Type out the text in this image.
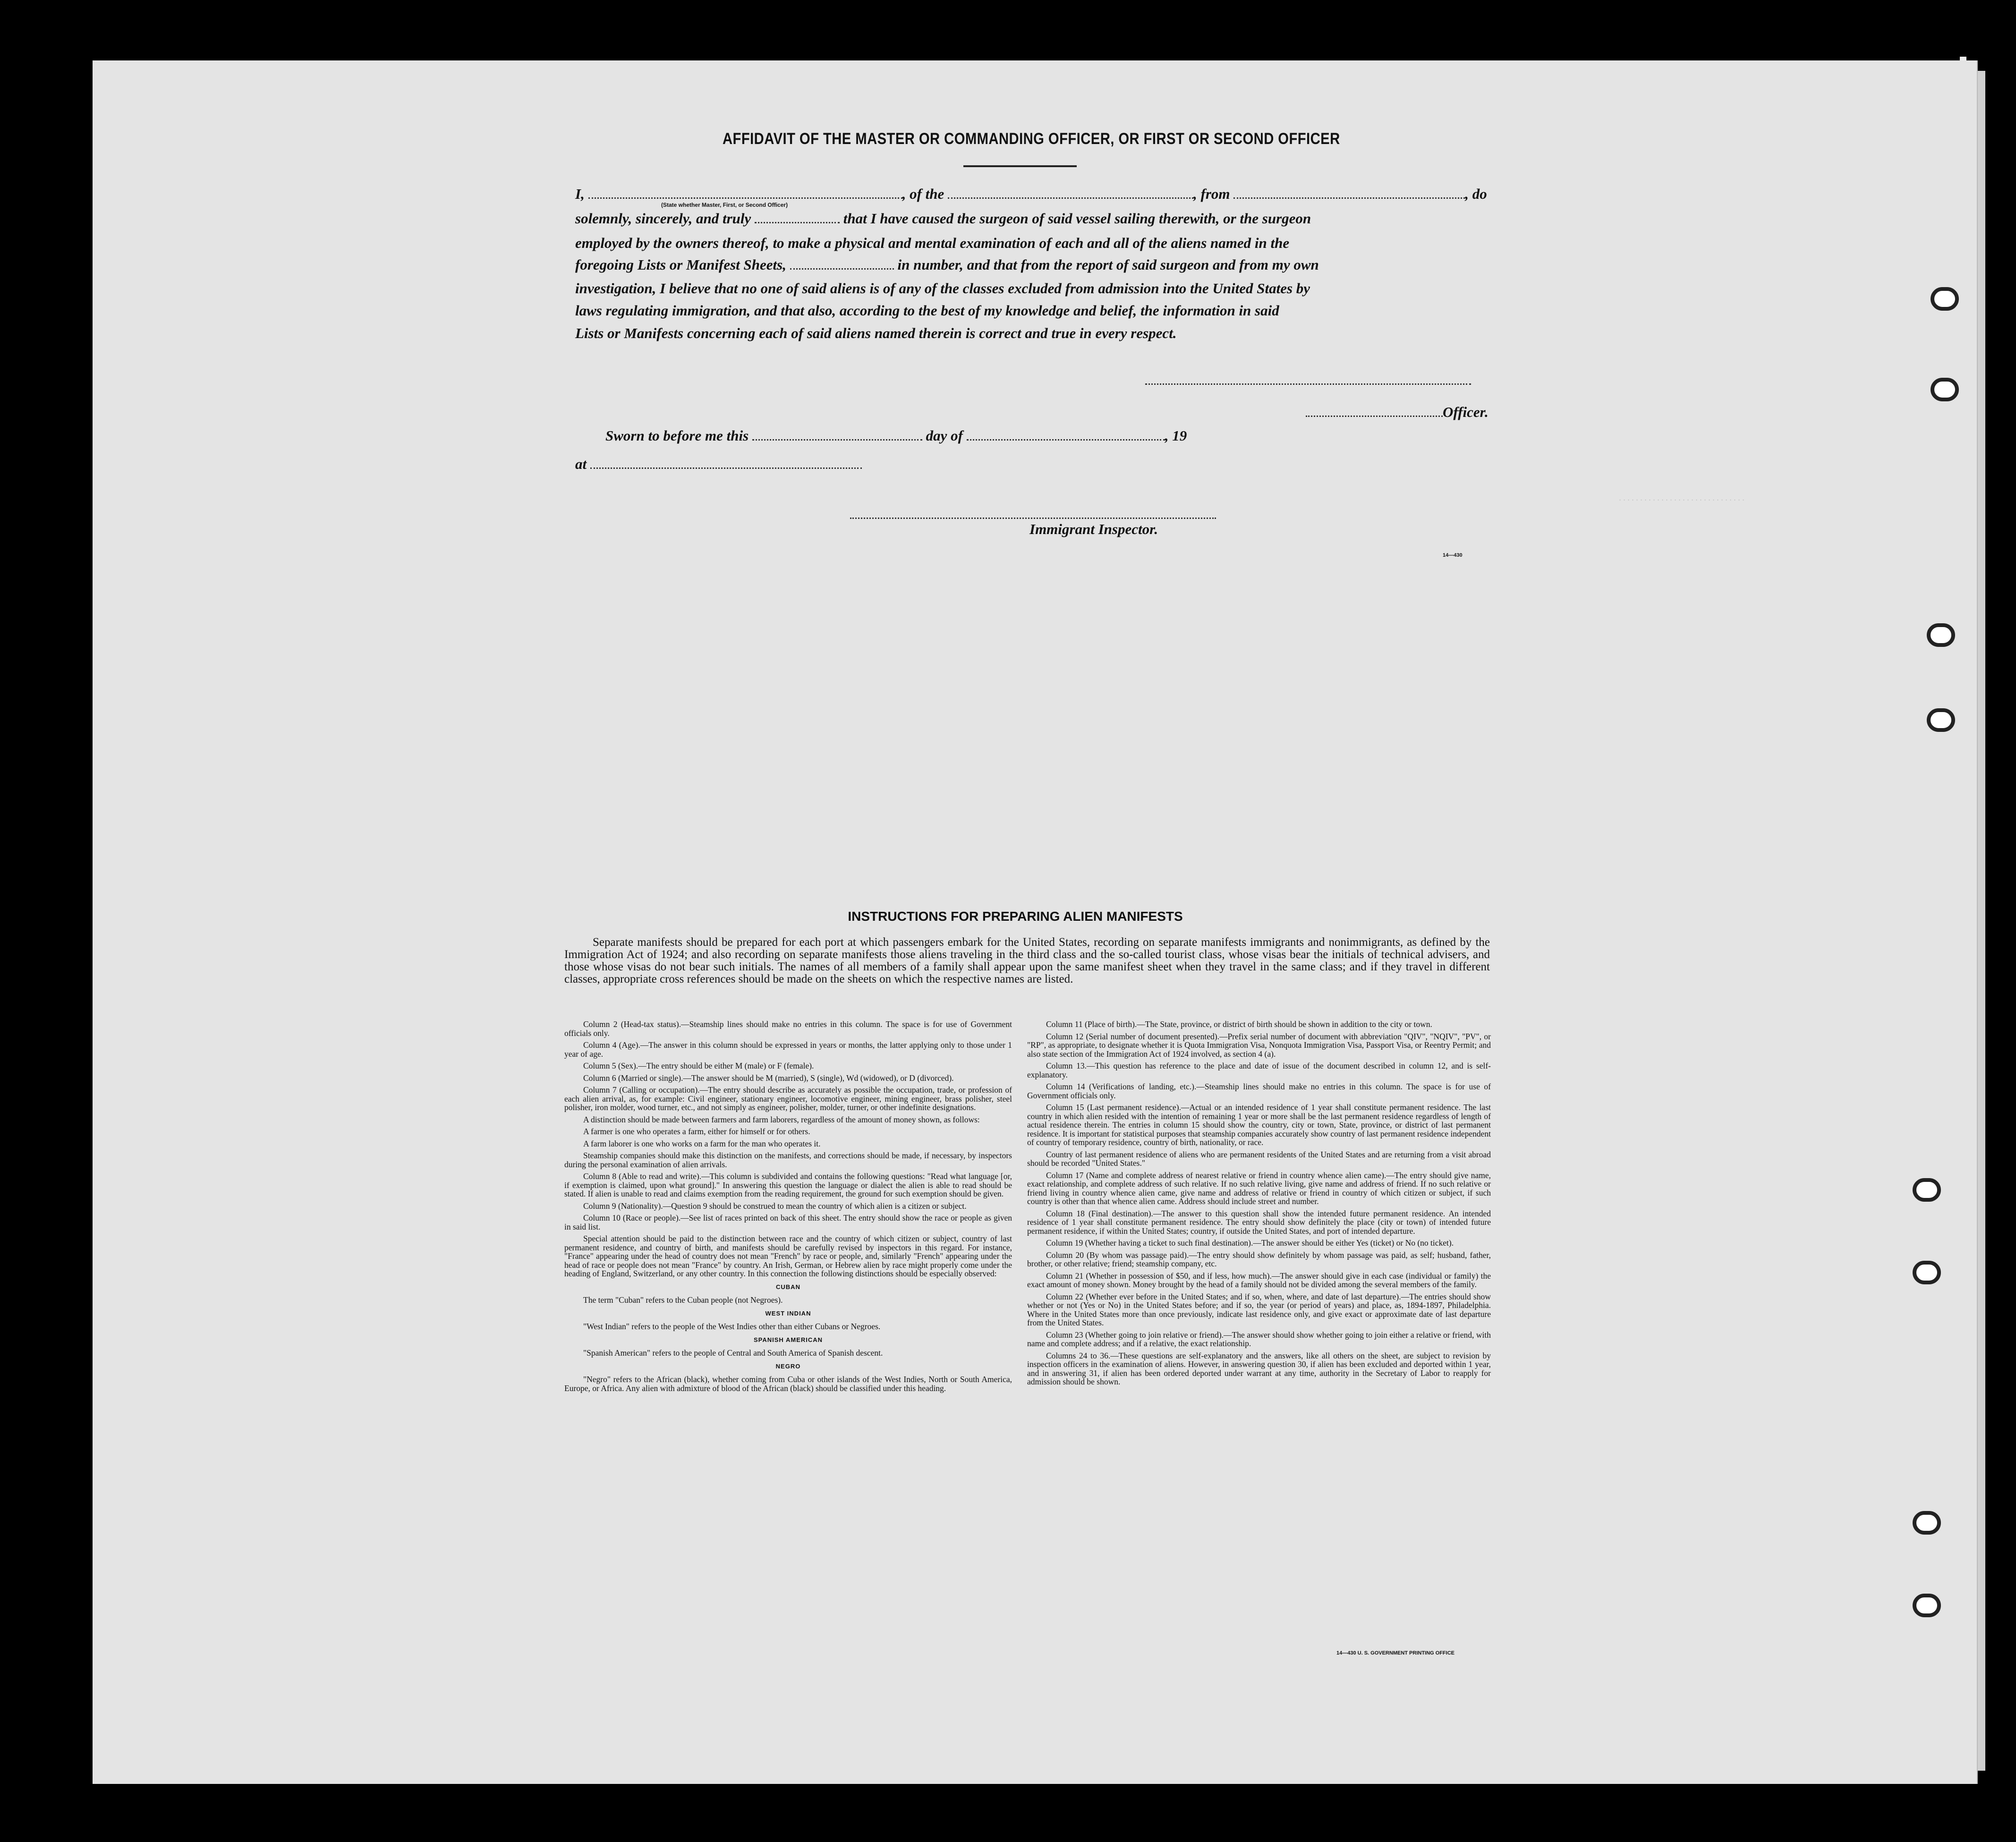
..............................
AFFIDAVIT OF THE MASTER OR COMMANDING OFFICER, OR FIRST OR SECOND OFFICER
I,	, of the	, from	, do
(State whether Master, First, or Second Officer)
solemnly, sincerely, and truly	that I have caused the surgeon of said vessel sailing therewith, or the surgeon
employed by the owners thereof, to make a physical and mental examination of each and all of the aliens named in the
foregoing Lists or Manifest Sheets,	in number, and that from the report of said surgeon and from my own
investigation, I believe that no one of said aliens is of any of the classes excluded from admission into the United States by
laws regulating immigration, and that also, according to the best of my knowledge and belief, the information in said
Lists or Manifests concerning each of said aliens named therein is correct and true in every respect.
Officer.
Sworn to before me this	day of	, 19
at
Immigrant Inspector.
14—430
INSTRUCTIONS FOR PREPARING ALIEN MANIFESTS
Separate manifests should be prepared for each port at which passengers embark for the United States, recording on separate manifests immigrants and nonimmigrants, as defined by the Immigration Act of 1924; and also recording on separate manifests those aliens traveling in the third class and the so-called tourist class, whose visas bear the initials of technical advisers, and those whose visas do not bear such initials. The names of all members of a family shall appear upon the same manifest sheet when they travel in the same class; and if they travel in different classes, appropriate cross references should be made on the sheets on which the respective names are listed.

Column 2 (Head-tax status).—Steamship lines should make no entries in this column. The space is for use of Government officials only.

Column 4 (Age).—The answer in this column should be expressed in years or months, the latter applying only to those under 1 year of age.

Column 5 (Sex).—The entry should be either M (male) or F (female).

Column 6 (Married or single).—The answer should be M (married), S (single), Wd (widowed), or D (divorced).

Column 7 (Calling or occupation).—The entry should describe as accurately as possible the occupation, trade, or profession of each alien arrival, as, for example: Civil engineer, stationary engineer, locomotive engineer, mining engineer, brass polisher, steel polisher, iron molder, wood turner, etc., and not simply as engineer, polisher, molder, turner, or other indefinite designations.

A distinction should be made between farmers and farm laborers, regardless of the amount of money shown, as follows:

A farmer is one who operates a farm, either for himself or for others.

A farm laborer is one who works on a farm for the man who operates it.

Steamship companies should make this distinction on the manifests, and corrections should be made, if necessary, by inspectors during the personal examination of alien arrivals.

Column 8 (Able to read and write).—This column is subdivided and contains the following questions: "Read what language [or, if exemption is claimed, upon what ground]." In answering this question the language or dialect the alien is able to read should be stated. If alien is unable to read and claims exemption from the reading requirement, the ground for such exemption should be given.

Column 9 (Nationality).—Question 9 should be construed to mean the country of which alien is a citizen or subject.

Column 10 (Race or people).—See list of races printed on back of this sheet. The entry should show the race or people as given in said list.

Special attention should be paid to the distinction between race and the country of which citizen or subject, country of last permanent residence, and country of birth, and manifests should be carefully revised by inspectors in this regard. For instance, "France" appearing under the head of country does not mean "French" by race or people, and, similarly "French" appearing under the head of race or people does not mean "France" by country. An Irish, German, or Hebrew alien by race might properly come under the heading of England, Switzerland, or any other country. In this connection the following distinctions should be especially observed:

CUBAN

The term "Cuban" refers to the Cuban people (not Negroes).

WEST INDIAN

"West Indian" refers to the people of the West Indies other than either Cubans or Negroes.

SPANISH AMERICAN

"Spanish American" refers to the people of Central and South America of Spanish descent.

NEGRO

"Negro" refers to the African (black), whether coming from Cuba or other islands of the West Indies, North or South America, Europe, or Africa. Any alien with admixture of blood of the African (black) should be classified under this heading.

Column 11 (Place of birth).—The State, province, or district of birth should be shown in addition to the city or town.

Column 12 (Serial number of document presented).—Prefix serial number of document with abbreviation "QIV", "NQIV", "PV", or "RP", as appropriate, to designate whether it is Quota Immigration Visa, Nonquota Immigration Visa, Passport Visa, or Reentry Permit; and also state section of the Immigration Act of 1924 involved, as section 4 (a).

Column 13.—This question has reference to the place and date of issue of the document described in column 12, and is self-explanatory.

Column 14 (Verifications of landing, etc.).—Steamship lines should make no entries in this column. The space is for use of Government officials only.

Column 15 (Last permanent residence).—Actual or an intended residence of 1 year shall constitute permanent residence. The last country in which alien resided with the intention of remaining 1 year or more shall be the last permanent residence regardless of length of actual residence therein. The entries in column 15 should show the country, city or town, State, province, or district of last permanent residence. It is important for statistical purposes that steamship companies accurately show country of last permanent residence independent of country of temporary residence, country of birth, nationality, or race.

Country of last permanent residence of aliens who are permanent residents of the United States and are returning from a visit abroad should be recorded "United States."

Column 17 (Name and complete address of nearest relative or friend in country whence alien came).—The entry should give name, exact relationship, and complete address of such relative. If no such relative living, give name and address of friend. If no such relative or friend living in country whence alien came, give name and address of relative or friend in country of which citizen or subject, if such country is other than that whence alien came. Address should include street and number.

Column 18 (Final destination).—The answer to this question shall show the intended future permanent residence. An intended residence of 1 year shall constitute permanent residence. The entry should show definitely the place (city or town) of intended future permanent residence, if within the United States; country, if outside the United States, and port of intended departure.

Column 19 (Whether having a ticket to such final destination).—The answer should be either Yes (ticket) or No (no ticket).

Column 20 (By whom was passage paid).—The entry should show definitely by whom passage was paid, as self; husband, father, brother, or other relative; friend; steamship company, etc.

Column 21 (Whether in possession of $50, and if less, how much).—The answer should give in each case (individual or family) the exact amount of money shown. Money brought by the head of a family should not be divided among the several members of the family.

Column 22 (Whether ever before in the United States; and if so, when, where, and date of last departure).—The entries should show whether or not (Yes or No) in the United States before; and if so, the year (or period of years) and place, as, 1894-1897, Philadelphia. Where in the United States more than once previously, indicate last residence only, and give exact or approximate date of last departure from the United States.

Column 23 (Whether going to join relative or friend).—The answer should show whether going to join either a relative or friend, with name and complete address; and if a relative, the exact relationship.

Columns 24 to 36.—These questions are self-explanatory and the answers, like all others on the sheet, are subject to revision by inspection officers in the examination of aliens. However, in answering question 30, if alien has been excluded and deported within 1 year, and in answering 31, if alien has been ordered deported under warrant at any time, authority in the Secretary of Labor to reapply for admission should be shown.

14—430 U. S. GOVERNMENT PRINTING OFFICE
